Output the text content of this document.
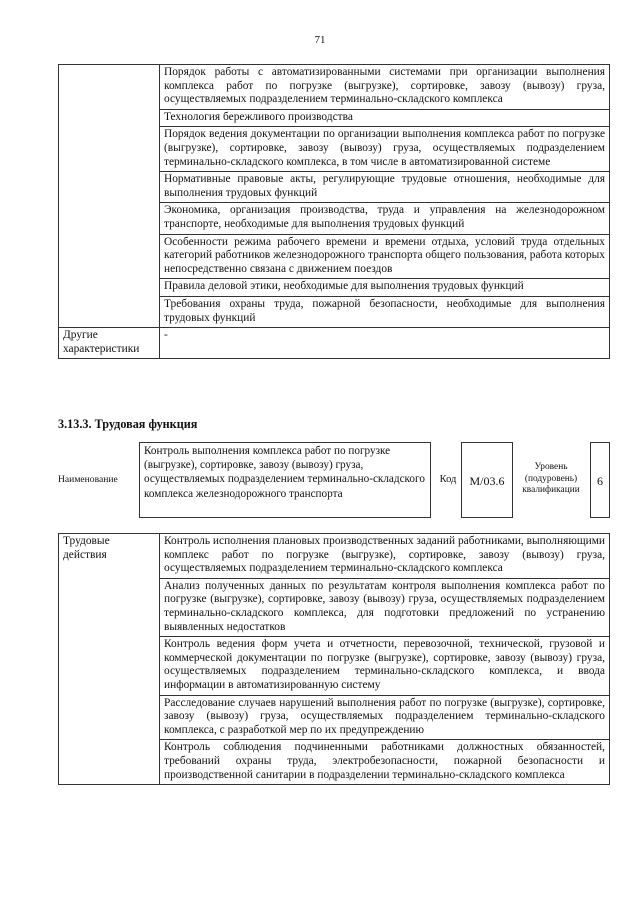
71
	Порядок работы с автоматизированными системами при организации выполнения комплекса работ по погрузке (выгрузке), сортировке, завозу (вывозу) груза, осуществляемых подразделением терминально-складского комплекса
	Технология бережливого производства
	Порядок ведения документации по организации выполнения комплекса работ по погрузке (выгрузке), сортировке, завозу (вывозу) груза, осуществляемых подразделением терминально-складского комплекса, в том числе в автоматизированной системе
	Нормативные правовые акты, регулирующие трудовые отношения, необходимые для выполнения трудовых функций
	Экономика, организация производства, труда и управления на железнодорожном транспорте, необходимые для выполнения трудовых функций
	Особенности режима рабочего времени и времени отдыха, условий труда отдельных категорий работников железнодорожного транспорта общего пользования, работа которых непосредственно связана с движением поездов
	Правила деловой этики, необходимые для выполнения трудовых функций
	Требования охраны труда, пожарной безопасности, необходимые для выполнения трудовых функций
Другие характеристики	-
3.13.3. Трудовая функция
Наименование
Контроль выполнения комплекса работ по погрузке (выгрузке), сортировке, завозу (вывозу) груза, осуществляемых подразделением терминально-складского комплекса железнодорожного транспорта
Код	М/03.6
Уровень (подуровень) квалификации
6
Трудовые действия	Контроль исполнения плановых производственных заданий работниками, выполняющими комплекс работ по погрузке (выгрузке), сортировке, завозу (вывозу) груза, осуществляемых подразделением терминально-складского комплекса
Анализ полученных данных по результатам контроля выполнения комплекса работ по погрузке (выгрузке), сортировке, завозу (вывозу) груза, осуществляемых подразделением терминально-складского комплекса, для подготовки предложений по устранению выявленных недостатков
Контроль ведения форм учета и отчетности, перевозочной, технической, грузовой и коммерческой документации по погрузке (выгрузке), сортировке, завозу (вывозу) груза, осуществляемых подразделением терминально-складского комплекса, и ввода информации в автоматизированную систему
Расследование случаев нарушений выполнения работ по погрузке (выгрузке), сортировке, завозу (вывозу) груза, осуществляемых подразделением терминально-складского комплекса, с разработкой мер по их предупреждению
Контроль соблюдения подчиненными работниками должностных обязанностей, требований охраны труда, электробезопасности, пожарной безопасности и производственной санитарии в подразделении терминально-складского комплекса
